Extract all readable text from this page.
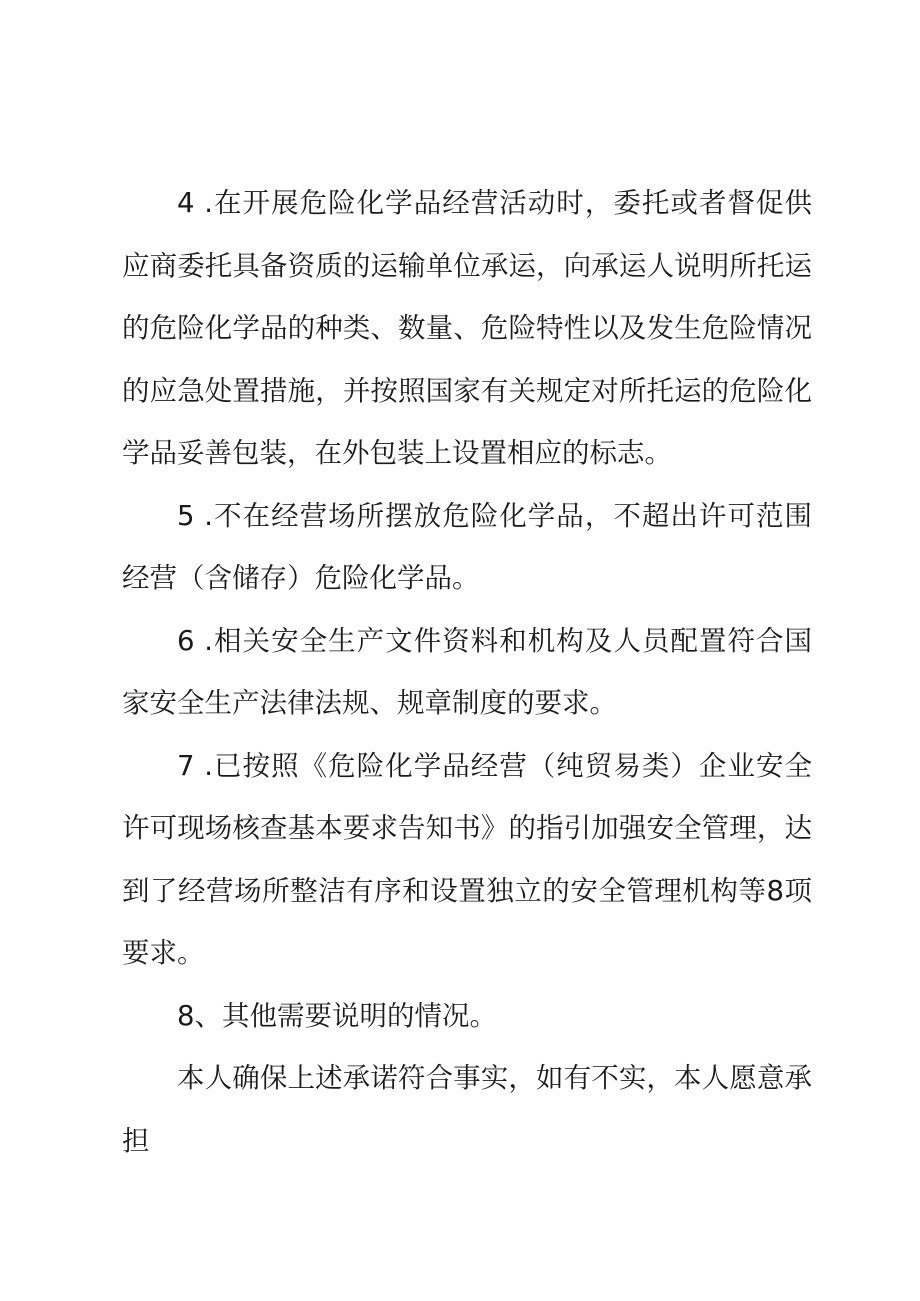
4 .在开展危险化学品经营活动时，委托或者督促供应商委托具备资质的运输单位承运，向承运人说明所托运的危险化学品的种类、数量、危险特性以及发生危险情况的应急处置措施，并按照国家有关规定对所托运的危险化学品妥善包装，在外包装上设置相应的标志。

5 .不在经营场所摆放危险化学品，不超出许可范围经营（含储存）危险化学品。

6 .相关安全生产文件资料和机构及人员配置符合国家安全生产法律法规、规章制度的要求。

7 .已按照《危险化学品经营（纯贸易类）企业安全许可现场核查基本要求告知书》的指引加强安全管理，达到了经营场所整洁有序和设置独立的安全管理机构等8项要求。

8、其他需要说明的情况。

本人确保上述承诺符合事实，如有不实，本人愿意承担
